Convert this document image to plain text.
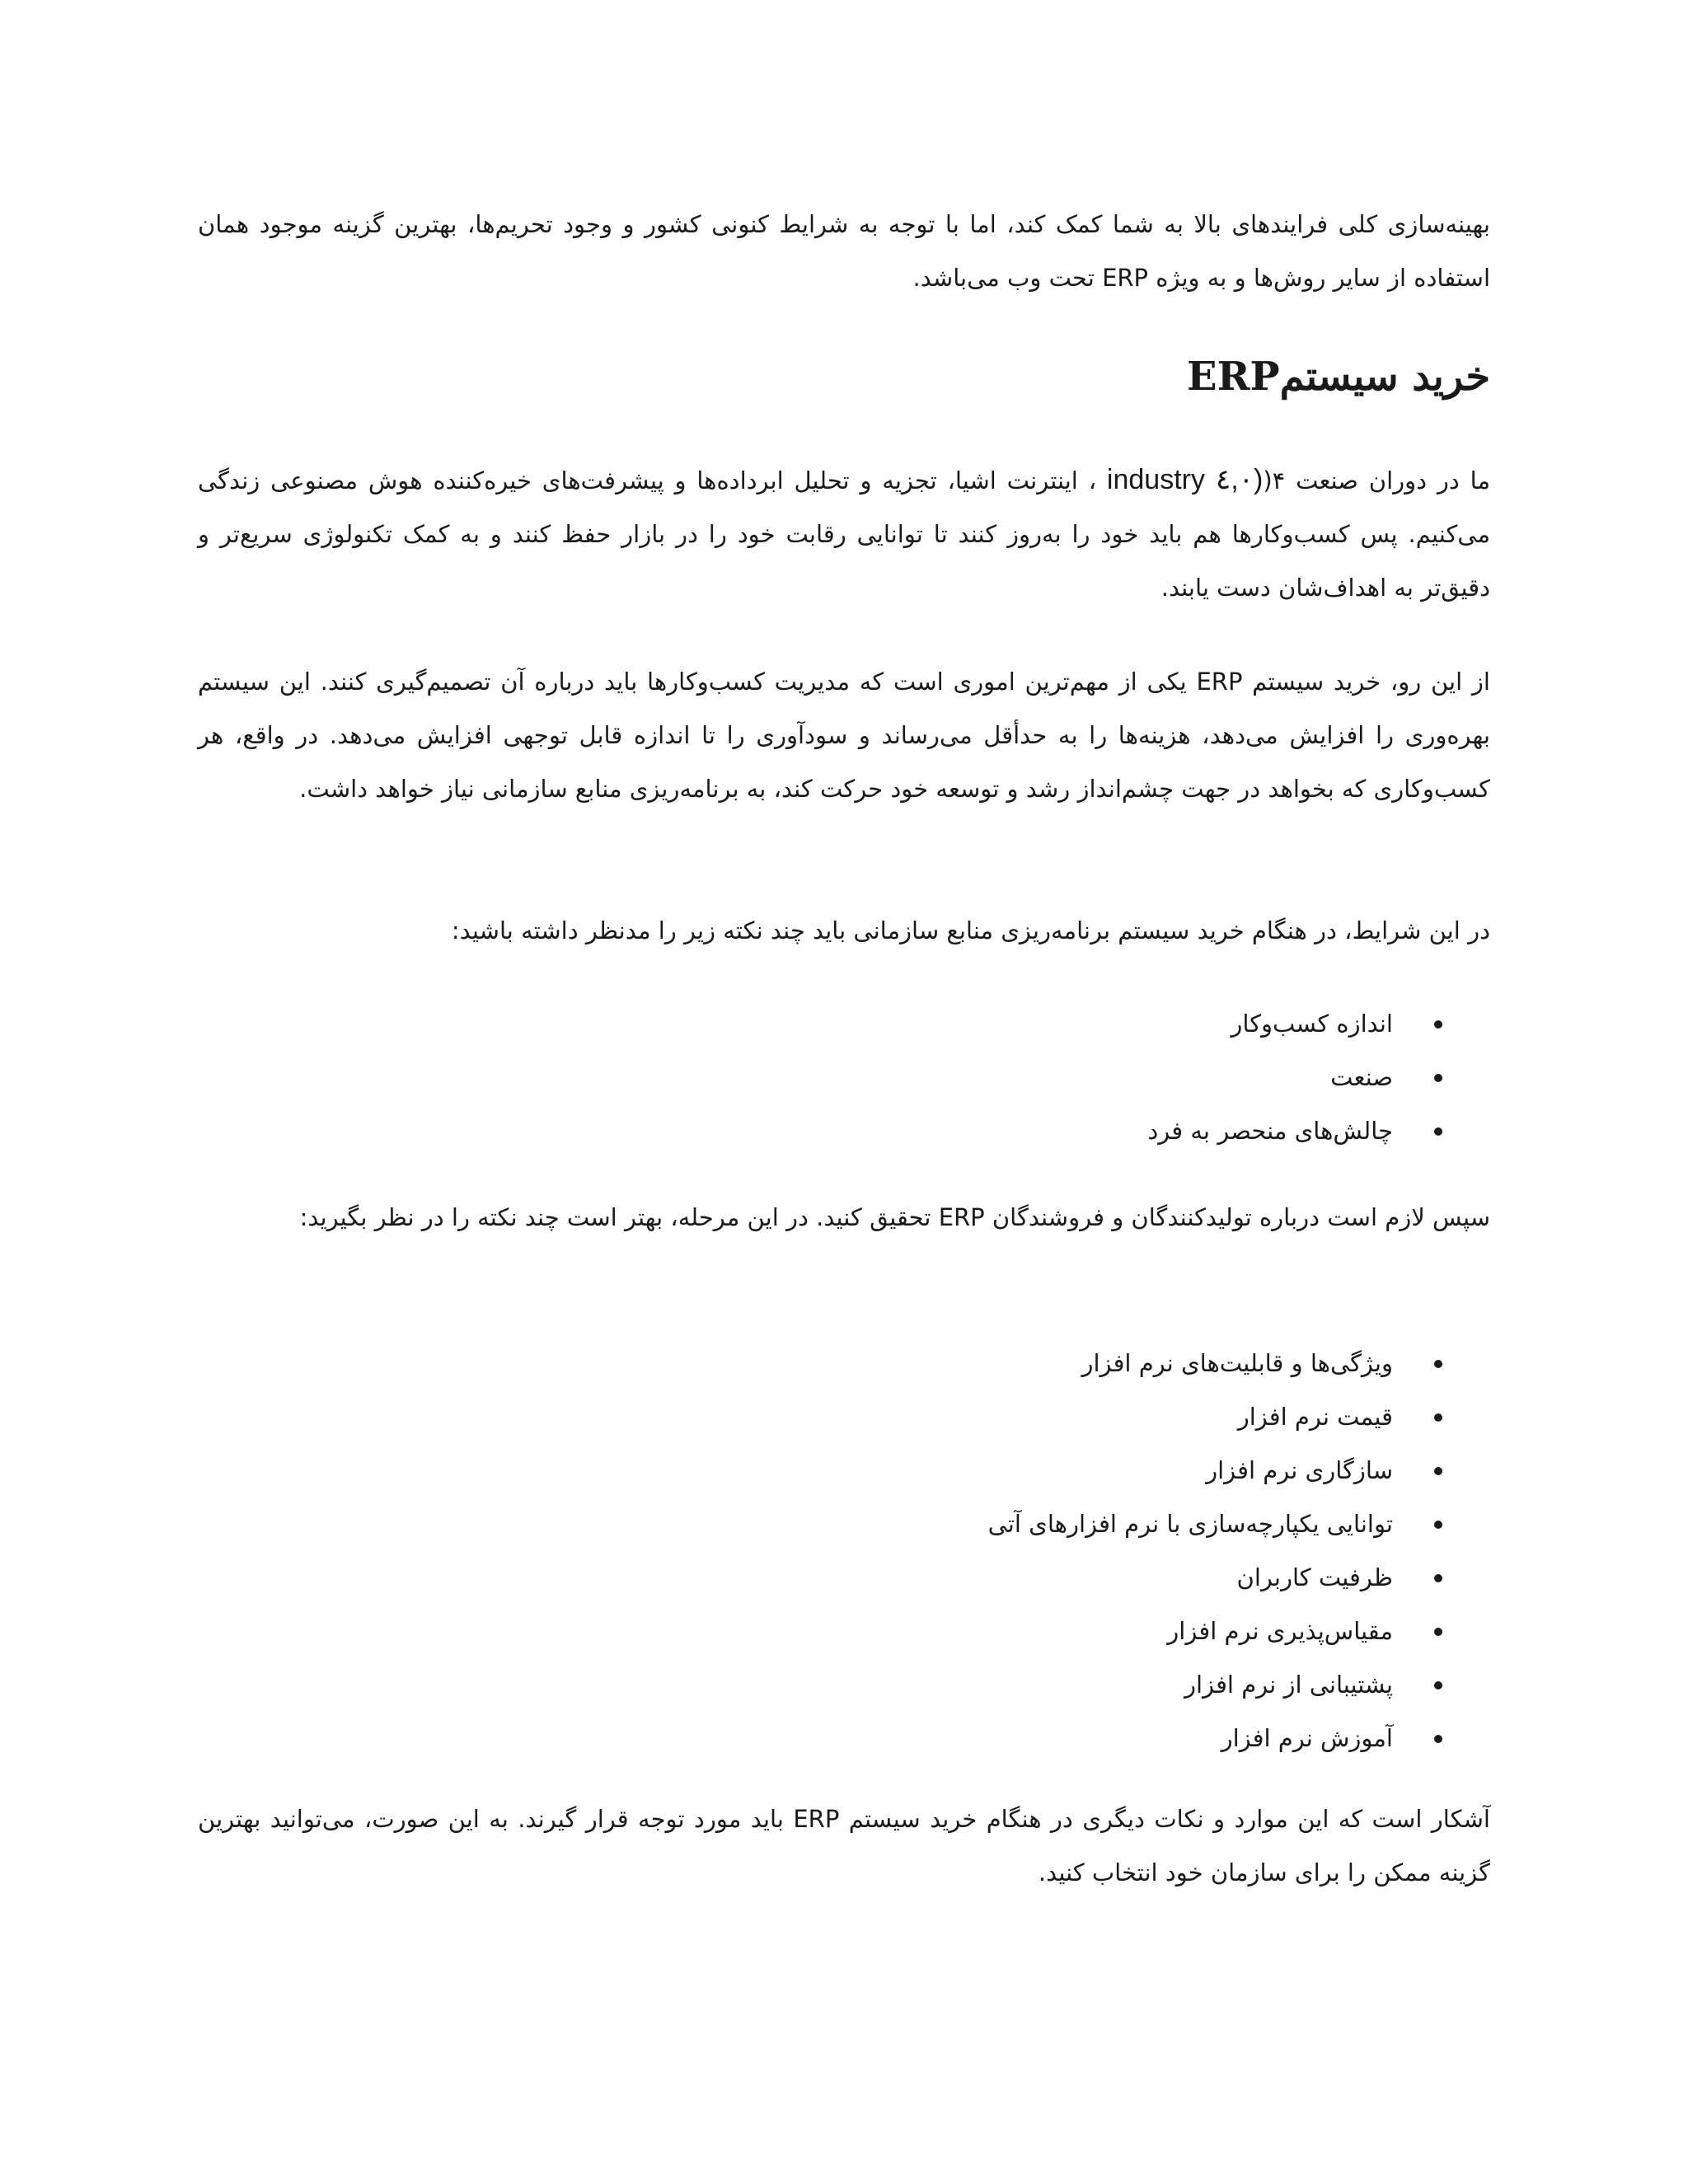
بهینه‌سازی کلی فرایندهای بالا به شما کمک کند، اما با توجه به شرایط کنونی کشور و وجود تحریم‌ها، بهترین گزینه موجود همان استفاده از سایر روش‌ها و به ویژه ERP تحت وب می‌باشد.

خرید سیستمERP

ما در دوران صنعت ۴(industry ٤,٠) ، اینترنت اشیا، تجزیه و تحلیل ابرداده‌ها و پیشرفت‌های خیره‌کننده هوش مصنوعی زندگی می‌کنیم. پس کسب‌وکارها هم باید خود را به‌روز کنند تا توانایی رقابت خود را در بازار حفظ کنند و به کمک تکنولوژی سریع‌تر و دقیق‌تر به اهداف‌شان دست یابند.

از این رو، خرید سیستم ERP یکی از مهم‌ترین اموری است که مدیریت کسب‌وکارها باید درباره آن تصمیم‌گیری کنند. این سیستم بهره‌وری را افزایش می‌دهد، هزینه‌ها را به حدأقل می‌رساند و سودآوری را تا اندازه قابل توجهی افزایش می‌دهد. در واقع، هر کسب‌وکاری که بخواهد در جهت چشم‌انداز رشد و توسعه خود حرکت کند، به برنامه‌ریزی منابع سازمانی نیاز خواهد داشت.

در این شرایط، در هنگام خرید سیستم برنامه‌ریزی منابع سازمانی باید چند نکته زیر را مدنظر داشته باشید:

اندازه کسب‌وکار
صنعت
چالش‌های منحصر به فرد

سپس لازم است درباره تولیدکنندگان و فروشندگان ERP تحقیق کنید. در این مرحله، بهتر است چند نکته را در نظر بگیرید:

ویژگی‌ها و قابلیت‌های نرم افزار
قیمت نرم افزار
سازگاری نرم افزار
توانایی یکپارچه‌سازی با نرم افزارهای آتی
ظرفیت کاربران
مقیاس‌پذیری نرم افزار
پشتیبانی از نرم افزار
آموزش نرم افزار

آشکار است که این موارد و نکات دیگری در هنگام خرید سیستم ERP باید مورد توجه قرار گیرند. به این صورت، می‌توانید بهترین گزینه ممکن را برای سازمان خود انتخاب کنید.
